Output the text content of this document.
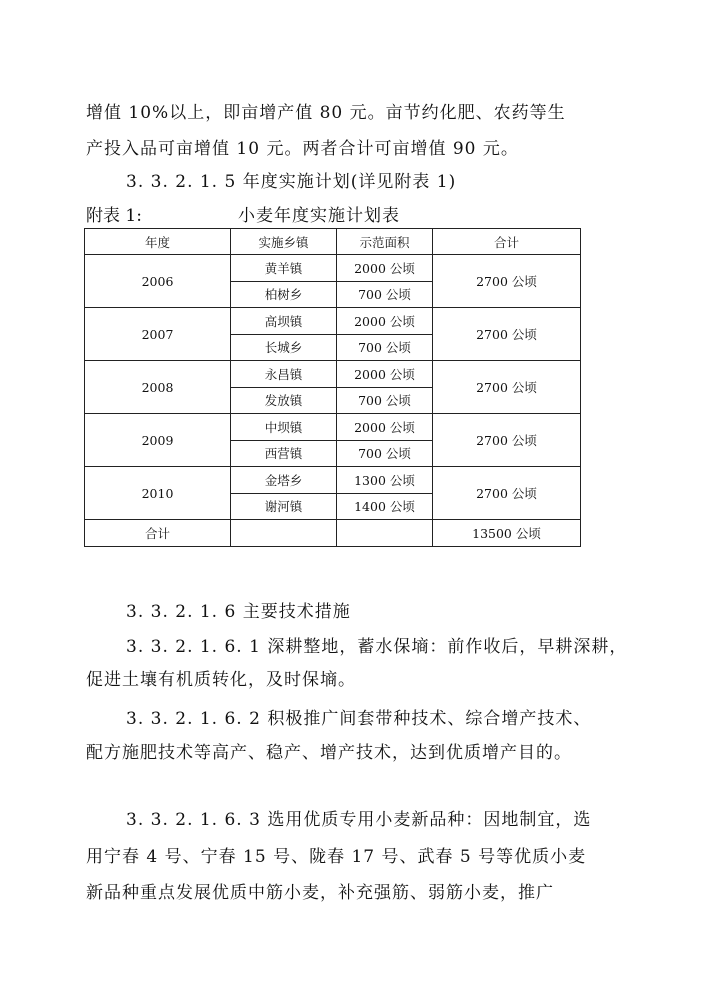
增值 10%以上，即亩增产值 80 元。亩节约化肥、农药等生
产投入品可亩增值 10 元。两者合计可亩增值 90 元。
3. 3. 2. 1. 5 年度实施计划(详见附表 1)
附表 1:	小麦年度实施计划表
年度	实施乡镇	示范面积	合计
2006	黄羊镇	2000 公顷	2700 公顷
	柏树乡	700 公顷	
2007	高坝镇	2000 公顷	2700 公顷
	长城乡	700 公顷	
2008	永昌镇	2000 公顷	2700 公顷
	发放镇	700 公顷	
2009	中坝镇	2000 公顷	2700 公顷
	西营镇	700 公顷	
2010	金塔乡	1300 公顷	2700 公顷
	谢河镇	1400 公顷	
合计			13500 公顷
3. 3. 2. 1. 6 主要技术措施
3. 3. 2. 1. 6. 1 深耕整地，蓄水保墒：前作收后，早耕深耕，
促进土壤有机质转化，及时保墒。
3. 3. 2. 1. 6. 2 积极推广间套带种技术、综合增产技术、
配方施肥技术等高产、稳产、增产技术，达到优质增产目的。
3. 3. 2. 1. 6. 3 选用优质专用小麦新品种：因地制宜，选
用宁春 4 号、宁春 15 号、陇春 17 号、武春 5 号等优质小麦
新品种重点发展优质中筋小麦，补充强筋、弱筋小麦，推广
